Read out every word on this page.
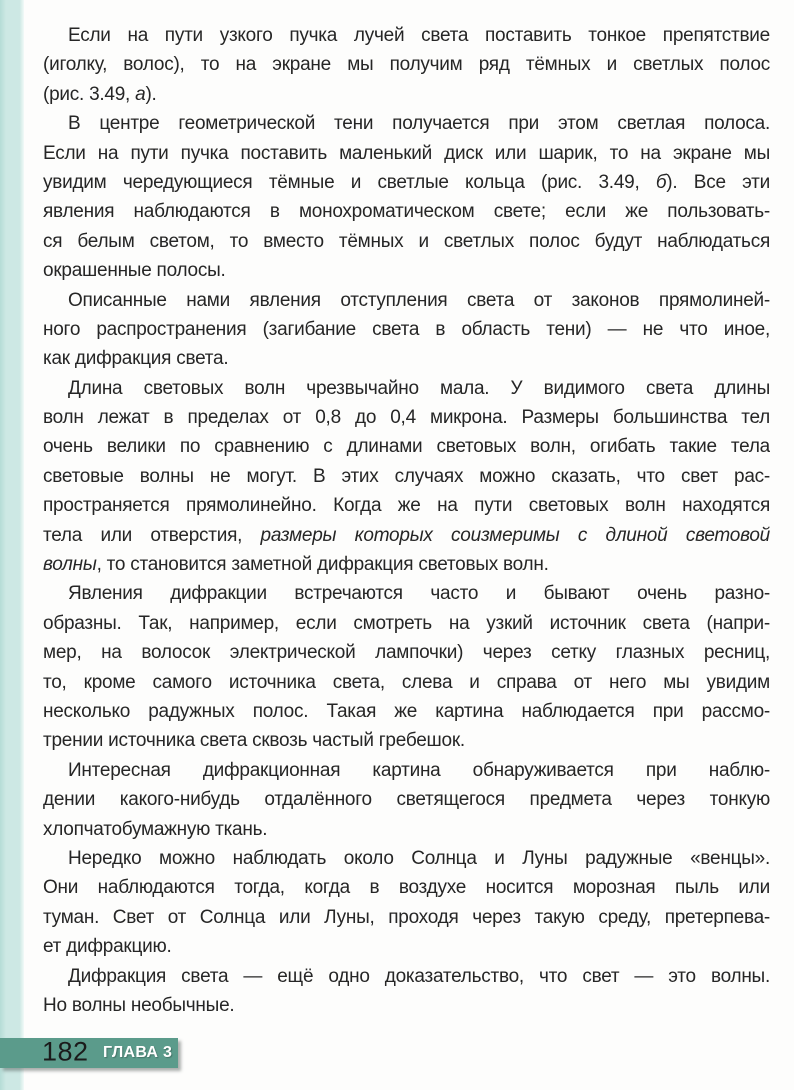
Если на пути узкого пучка лучей света поставить тонкое препятствие
(иголку, волос), то на экране мы получим ряд тёмных и светлых полос
(рис. 3.49, а).
В центре геометрической тени получается при этом светлая полоса.
Если на пути пучка поставить маленький диск или шарик, то на экране мы
увидим чередующиеся тёмные и светлые кольца (рис. 3.49, б). Все эти
явления наблюдаются в монохроматическом свете; если же пользовать-
ся белым светом, то вместо тёмных и светлых полос будут наблюдаться
окрашенные полосы.
Описанные нами явления отступления света от законов прямолиней-
ного распространения (загибание света в область тени) — не что иное,
как дифракция света.
Длина световых волн чрезвычайно мала. У видимого света длины
волн лежат в пределах от 0,8 до 0,4 микрона. Размеры большинства тел
очень велики по сравнению с длинами световых волн, огибать такие тела
световые волны не могут. В этих случаях можно сказать, что свет рас-
пространяется прямолинейно. Когда же на пути световых волн находятся
тела или отверстия, размеры которых соизмеримы с длиной световой
волны, то становится заметной дифракция световых волн.
Явления дифракции встречаются часто и бывают очень разно-
образны. Так, например, если смотреть на узкий источник света (напри-
мер, на волосок электрической лампочки) через сетку глазных ресниц,
то, кроме самого источника света, слева и справа от него мы увидим
несколько радужных полос. Такая же картина наблюдается при рассмо-
трении источника света сквозь частый гребешок.
Интересная дифракционная картина обнаруживается при наблю-
дении какого-нибудь отдалённого светящегося предмета через тонкую
хлопчатобумажную ткань.
Нередко можно наблюдать около Солнца и Луны радужные «венцы».
Они наблюдаются тогда, когда в воздухе носится морозная пыль или
туман. Свет от Солнца или Луны, проходя через такую среду, претерпева-
ет дифракцию.
Дифракция света — ещё одно доказательство, что свет — это волны.
Но волны необычные.
182 ГЛАВА 3
